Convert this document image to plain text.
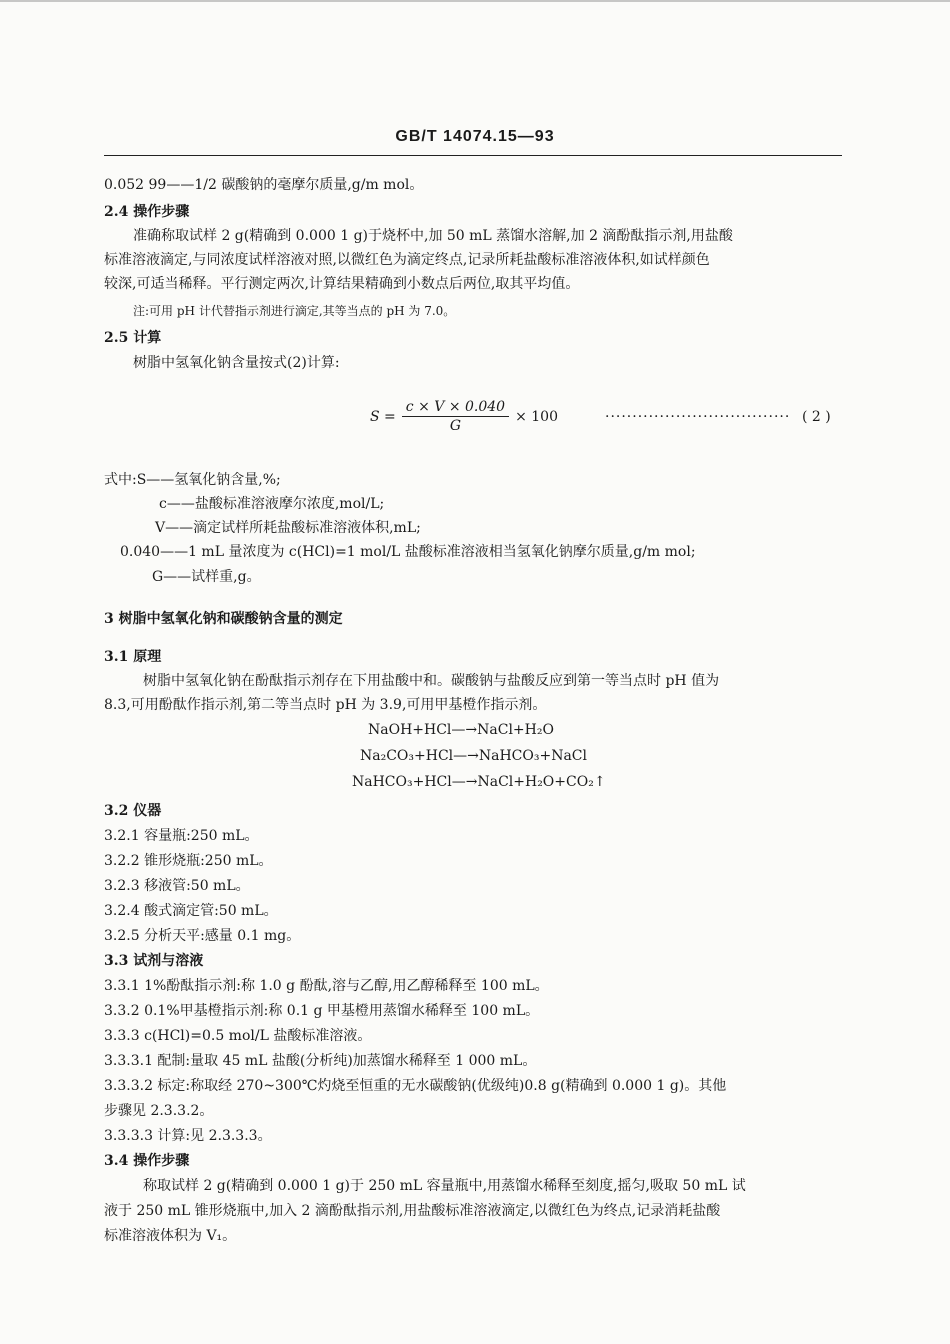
GB/T 14074.15—93
0.052 99——1/2 碳酸钠的毫摩尔质量,g/m mol。
2.4 操作步骤
准确称取试样 2 g(精确到 0.000 1 g)于烧杯中,加 50 mL 蒸馏水溶解,加 2 滴酚酞指示剂,用盐酸
标准溶液滴定,与同浓度试样溶液对照,以微红色为滴定终点,记录所耗盐酸标准溶液体积,如试样颜色
较深,可适当稀释。平行测定两次,计算结果精确到小数点后两位,取其平均值。
注:可用 pH 计代替指示剂进行滴定,其等当点的 pH 为 7.0。
2.5 计算
树脂中氢氧化钠含量按式(2)计算:
$S = \frac{c \times V \times 0.040}{G} \times 100$	·································· ( 2 )
式中:S——氢氧化钠含量,%;
c——盐酸标准溶液摩尔浓度,mol/L;
V——滴定试样所耗盐酸标准溶液体积,mL;
0.040——1 mL 量浓度为 c(HCl)=1 mol/L 盐酸标准溶液相当氢氧化钠摩尔质量,g/m mol;
G——试样重,g。
3 树脂中氢氧化钠和碳酸钠含量的测定
3.1 原理
树脂中氢氧化钠在酚酞指示剂存在下用盐酸中和。碳酸钠与盐酸反应到第一等当点时 pH 值为
8.3,可用酚酞作指示剂,第二等当点时 pH 为 3.9,可用甲基橙作指示剂。
NaOH+HCl—→NaCl+H₂O
Na₂CO₃+HCl—→NaHCO₃+NaCl
NaHCO₃+HCl—→NaCl+H₂O+CO₂↑
3.2 仪器
3.2.1 容量瓶:250 mL。
3.2.2 锥形烧瓶:250 mL。
3.2.3 移液管:50 mL。
3.2.4 酸式滴定管:50 mL。
3.2.5 分析天平:感量 0.1 mg。
3.3 试剂与溶液
3.3.1 1%酚酞指示剂:称 1.0 g 酚酞,溶与乙醇,用乙醇稀释至 100 mL。
3.3.2 0.1%甲基橙指示剂:称 0.1 g 甲基橙用蒸馏水稀释至 100 mL。
3.3.3 c(HCl)=0.5 mol/L 盐酸标准溶液。
3.3.3.1 配制:量取 45 mL 盐酸(分析纯)加蒸馏水稀释至 1 000 mL。
3.3.3.2 标定:称取经 270~300℃灼烧至恒重的无水碳酸钠(优级纯)0.8 g(精确到 0.000 1 g)。其他
步骤见 2.3.3.2。
3.3.3.3 计算:见 2.3.3.3。
3.4 操作步骤
称取试样 2 g(精确到 0.000 1 g)于 250 mL 容量瓶中,用蒸馏水稀释至刻度,摇匀,吸取 50 mL 试
液于 250 mL 锥形烧瓶中,加入 2 滴酚酞指示剂,用盐酸标准溶液滴定,以微红色为终点,记录消耗盐酸
标准溶液体积为 V₁。
